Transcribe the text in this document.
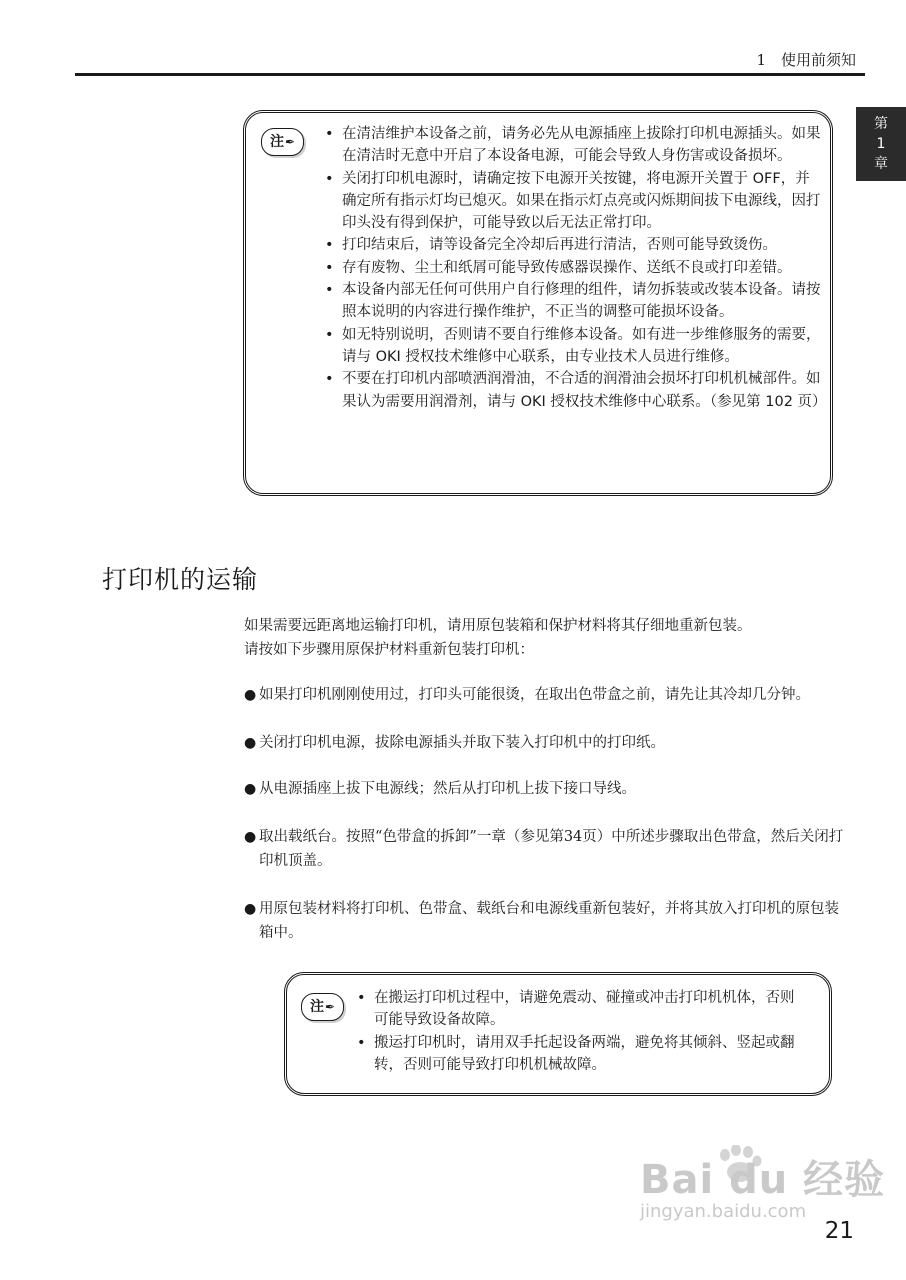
1　使用前须知
第
1
章
注✒
•	在清洁维护本设备之前，请务必先从电源插座上拔除打印机电源插头。如果在清洁时无意中开启了本设备电源，可能会导致人身伤害或设备损坏。
• 关闭打印机电源时，请确定按下电源开关按键，将电源开关置于 OFF，并确定所有指示灯均已熄灭。如果在指示灯点亮或闪烁期间拔下电源线，因打印头没有得到保护，可能导致以后无法正常打印。
• 打印结束后，请等设备完全冷却后再进行清洁，否则可能导致烫伤。
• 存有废物、尘土和纸屑可能导致传感器误操作、送纸不良或打印差错。
• 本设备内部无任何可供用户自行修理的组件，请勿拆装或改装本设备。请按照本说明的内容进行操作维护，不正当的调整可能损坏设备。
• 如无特别说明，否则请不要自行维修本设备。如有进一步维修服务的需要，请与 OKI 授权技术维修中心联系，由专业技术人员进行维修。
• 不要在打印机内部喷洒润滑油，不合适的润滑油会损坏打印机机械部件。如果认为需要用润滑剂，请与 OKI 授权技术维修中心联系。（参见第 102 页）
打印机的运输
如果需要远距离地运输打印机，请用原包装箱和保护材料将其仔细地重新包装。
请按如下步骤用原保护材料重新包装打印机：
● 如果打印机刚刚使用过，打印头可能很烫，在取出色带盒之前，请先让其冷却几分钟。
● 关闭打印机电源，拔除电源插头并取下装入打印机中的打印纸。
● 从电源插座上拔下电源线；然后从打印机上拔下接口导线。
● 取出载纸台。按照“色带盒的拆卸”一章（参见第34页）中所述步骤取出色带盒，然后关闭打印机顶盖。
● 用原包装材料将打印机、色带盒、载纸台和电源线重新包装好，并将其放入打印机的原包装箱中。
注✒
• 在搬运打印机过程中，请避免震动、碰撞或冲击打印机机体，否则可能导致设备故障。
• 搬运打印机时，请用双手托起设备两端，避免将其倾斜、竖起或翻转，否则可能导致打印机机械故障。
Bai du 经验
jingyan.baidu.com
21
